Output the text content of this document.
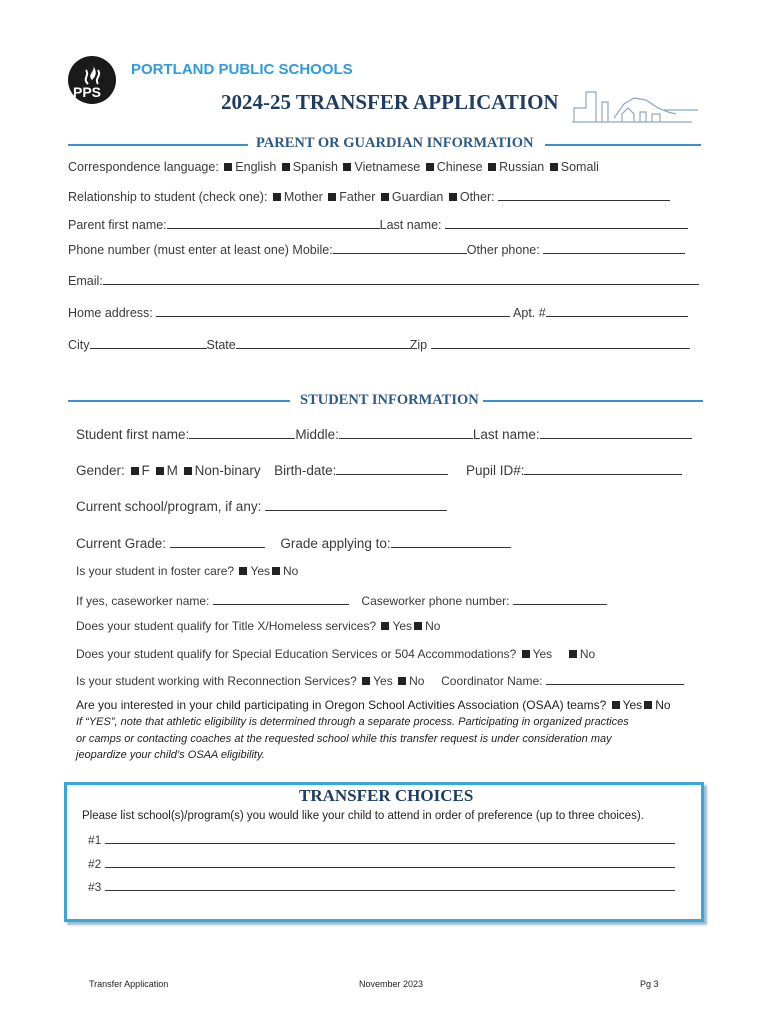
PPS
PORTLAND PUBLIC SCHOOLS
2024-25 TRANSFER APPLICATION
PARENT OR GUARDIAN INFORMATION
Correspondence language: English Spanish Vietnamese Chinese Russian Somali
Relationship to student (check one): Mother Father Guardian Other:
Parent first name:	Last name:
Phone number (must enter at least one) Mobile:	Other phone:
Email:
Home address:	Apt. #
City	State	Zip
STUDENT INFORMATION
Student first name:	Middle:	Last name:
Gender: F M Non-binary Birth-date:	Pupil ID#:
Current school/program, if any:
Current Grade:	Grade applying to:
Is your student in foster care? Yes No
If yes, caseworker name:	Caseworker phone number:
Does your student qualify for Title X/Homeless services? Yes No
Does your student qualify for Special Education Services or 504 Accommodations? Yes No
Is your student working with Reconnection Services? Yes No Coordinator Name:
Are you interested in your child participating in Oregon School Activities Association (OSAA) teams? Yes No
If “YES”, note that athletic eligibility is determined through a separate process. Participating in organized practices
or camps or contacting coaches at the requested school while this transfer request is under consideration may
jeopardize your child’s OSAA eligibility.
TRANSFER CHOICES
Please list school(s)/program(s) you would like your child to attend in order of preference (up to three choices).
#1
#2
#3
Transfer Application	November 2023	Pg 3
